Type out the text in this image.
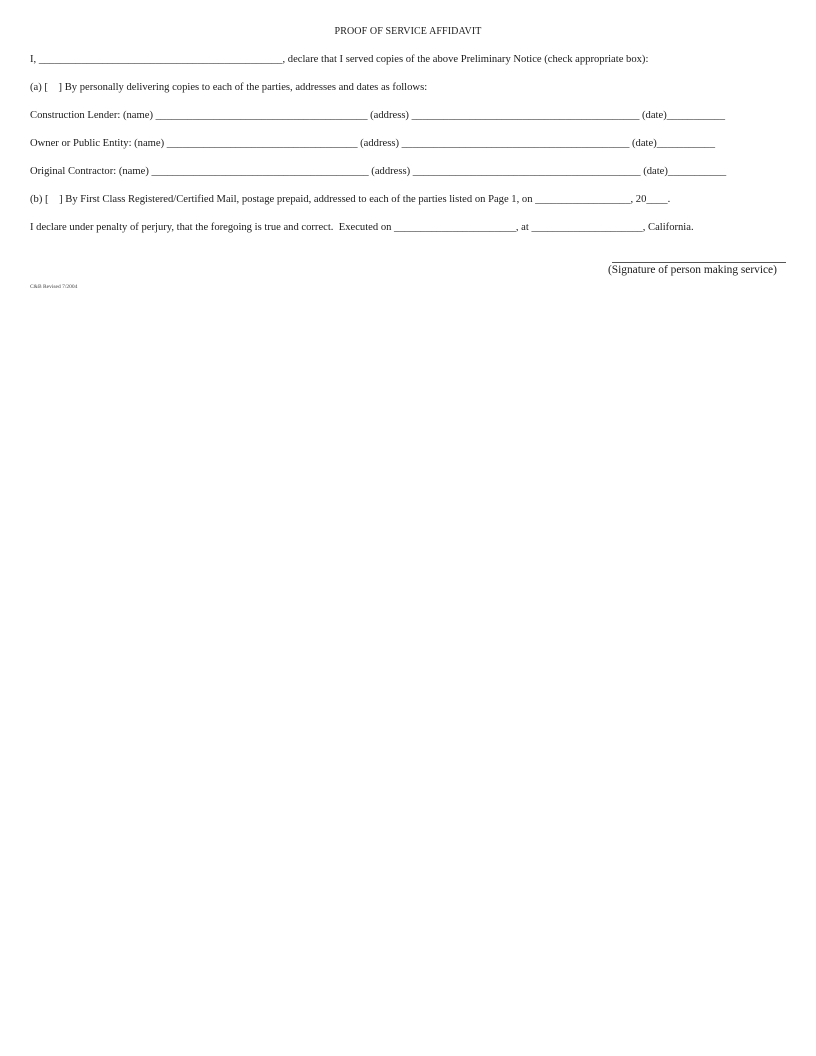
PROOF OF SERVICE AFFIDAVIT
I, ______________________________________________, declare that I served copies of the above Preliminary Notice (check appropriate box):
(a) [    ] By personally delivering copies to each of the parties, addresses and dates as follows:
Construction Lender: (name) ________________________________________ (address) ___________________________________________ (date)___________
Owner or Public Entity: (name) ____________________________________ (address) ___________________________________________ (date)___________
Original Contractor: (name) _________________________________________ (address) ___________________________________________ (date)___________
(b) [    ] By First Class Registered/Certified Mail, postage prepaid, addressed to each of the parties listed on Page 1, on __________________, 20____.
I declare under penalty of perjury, that the foregoing is true and correct.  Executed on _______________________, at _____________________, California.
(Signature of person making service)
C&B Revised 7/2004
